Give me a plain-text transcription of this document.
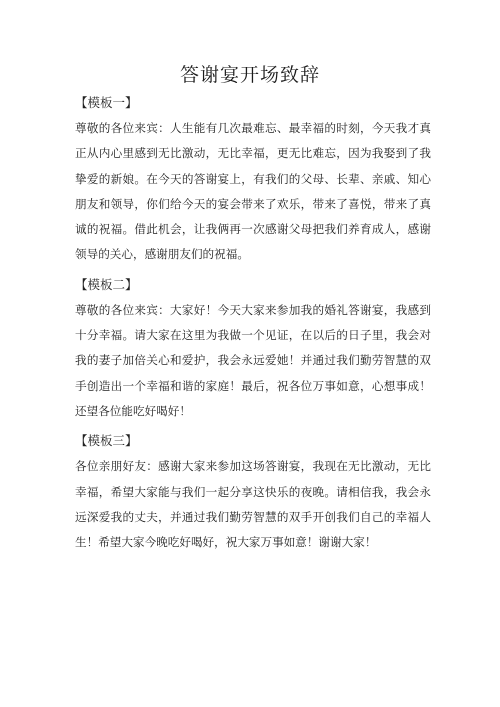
答谢宴开场致辞
【模板一】

尊敬的各位来宾：人生能有几次最难忘、最幸福的时刻，今天我才真正从内心里感到无比激动，无比幸福，更无比难忘，因为我娶到了我挚爱的新娘。在今天的答谢宴上，有我们的父母、长辈、亲戚、知心朋友和领导，你们给今天的宴会带来了欢乐，带来了喜悦，带来了真诚的祝福。借此机会，让我俩再一次感谢父母把我们养育成人，感谢领导的关心，感谢朋友们的祝福。

【模板二】

尊敬的各位来宾：大家好！今天大家来参加我的婚礼答谢宴，我感到十分幸福。请大家在这里为我做一个见证，在以后的日子里，我会对我的妻子加倍关心和爱护，我会永远爱她！并通过我们勤劳智慧的双手创造出一个幸福和谐的家庭！最后，祝各位万事如意，心想事成！还望各位能吃好喝好！

【模板三】

各位亲朋好友：感谢大家来参加这场答谢宴，我现在无比激动，无比幸福，希望大家能与我们一起分享这快乐的夜晚。请相信我，我会永远深爱我的丈夫，并通过我们勤劳智慧的双手开创我们自己的幸福人生！希望大家今晚吃好喝好，祝大家万事如意！谢谢大家！
